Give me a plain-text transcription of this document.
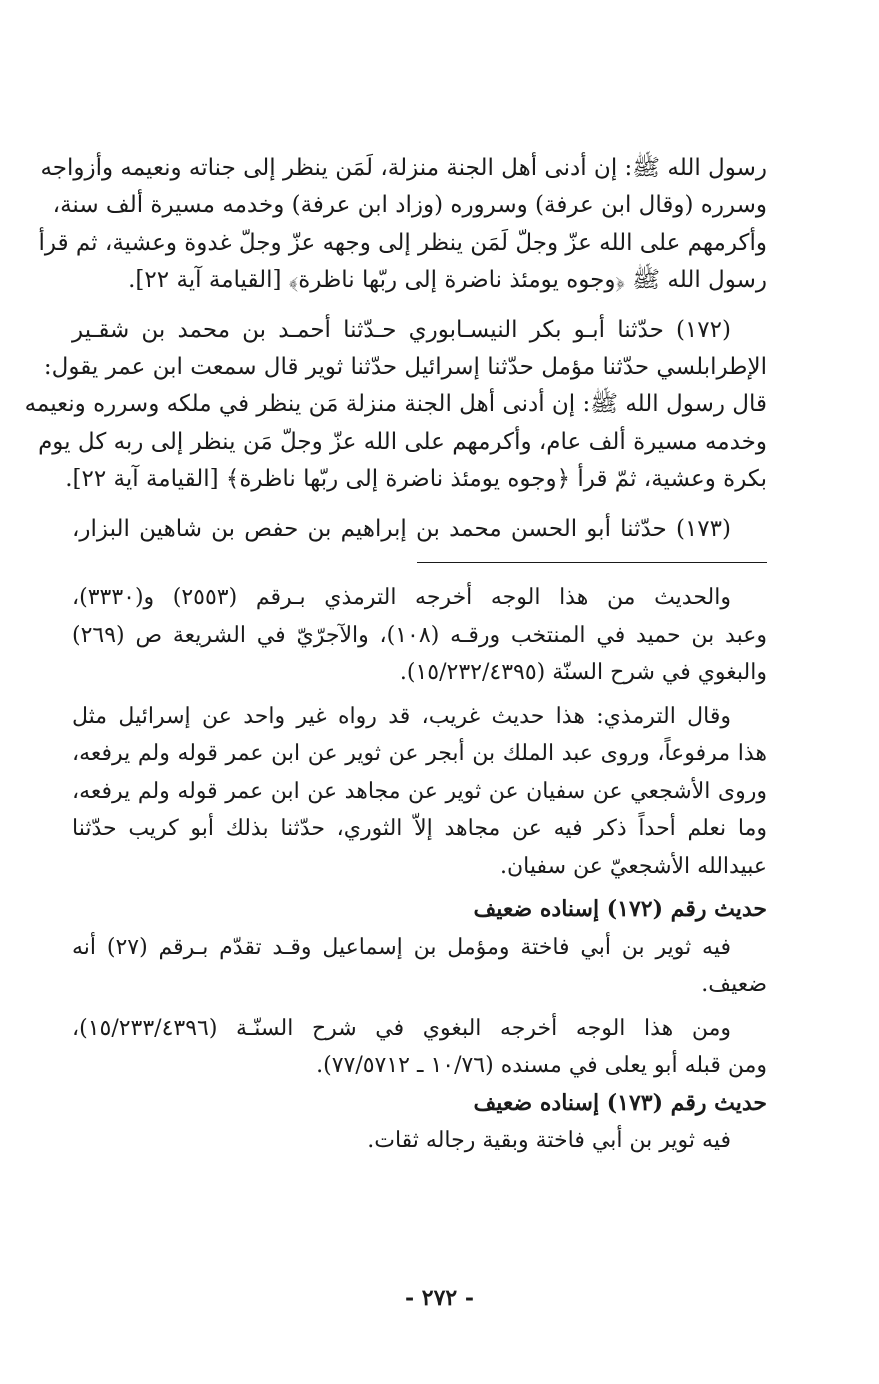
رسول الله ﷺ: إن أدنى أهل الجنة منزلة، لَمَن ينظر إلى جناته ونعيمه وأزواجه

وسرره (وقال ابن عرفة) وسروره (وزاد ابن عرفة) وخدمه مسيرة ألف سنة،

وأكرمهم على الله عزّ وجلّ لَمَن ينظر إلى وجهه عزّ وجلّ غدوة وعشية، ثم قرأ

رسول الله ﷺ ﴿وجوه يومئذ ناضرة إلى ربّها ناظرة﴾ [القيامة آية ٢٢].

(١٧٢) حدّثنا أبـو بكر النيسـابوري حـدّثنا أحمـد بن محمد بن شقـير

الإطرابلسي حدّثنا مؤمل حدّثنا إسرائيل حدّثنا ثوير قال سمعت ابن عمر يقول:

قال رسول الله ﷺ: إن أدنى أهل الجنة منزلة مَن ينظر في ملكه وسرره ونعيمه

وخدمه مسيرة ألف عام، وأكرمهم على الله عزّ وجلّ مَن ينظر إلى ربه كل يوم

بكرة وعشية، ثمّ قرأ ﴿وجوه يومئذ ناضرة إلى ربّها ناظرة﴾ [القيامة آية ٢٢].

(١٧٣) حدّثنا أبو الحسن محمد بن إبراهيم بن حفص بن شاهين البزار،

والحديث من هذا الوجه أخرجه الترمذي بـرقم (٢٥٥٣) و(٣٣٣٠)،

وعبد بن حميد في المنتخب ورقـه (١٠٨)، والآجرّيّ في الشريعة ص (٢٦٩)

والبغوي في شرح السنّة (١٥/٢٣٢/٤٣٩٥).

وقال الترمذي: هذا حديث غريب، قد رواه غير واحد عن إسرائيل مثل

هذا مرفوعاً، وروى عبد الملك بن أبجر عن ثوير عن ابن عمر قوله ولم يرفعه،

وروى الأشجعي عن سفيان عن ثوير عن مجاهد عن ابن عمر قوله ولم يرفعه،

وما نعلم أحداً ذكر فيه عن مجاهد إلاّ الثوري، حدّثنا بذلك أبو كريب حدّثنا

عبيدالله الأشجعيّ عن سفيان.

حديث رقم (١٧٢) إسناده ضعيف

فيه ثوير بن أبي فاختة ومؤمل بن إسماعيل وقـد تقدّم بـرقم (٢٧) أنه

ضعيف.

ومن هذا الوجه أخرجه البغوي في شرح السنّـة (١٥/٢٣٣/٤٣٩٦)،

ومن قبله أبو يعلى في مسنده (١٠/٧٦ ـ ٧٧/٥٧١٢).

حديث رقم (١٧٣) إسناده ضعيف

فيه ثوير بن أبي فاختة وبقية رجاله ثقات.

- ٢٧٢ -
